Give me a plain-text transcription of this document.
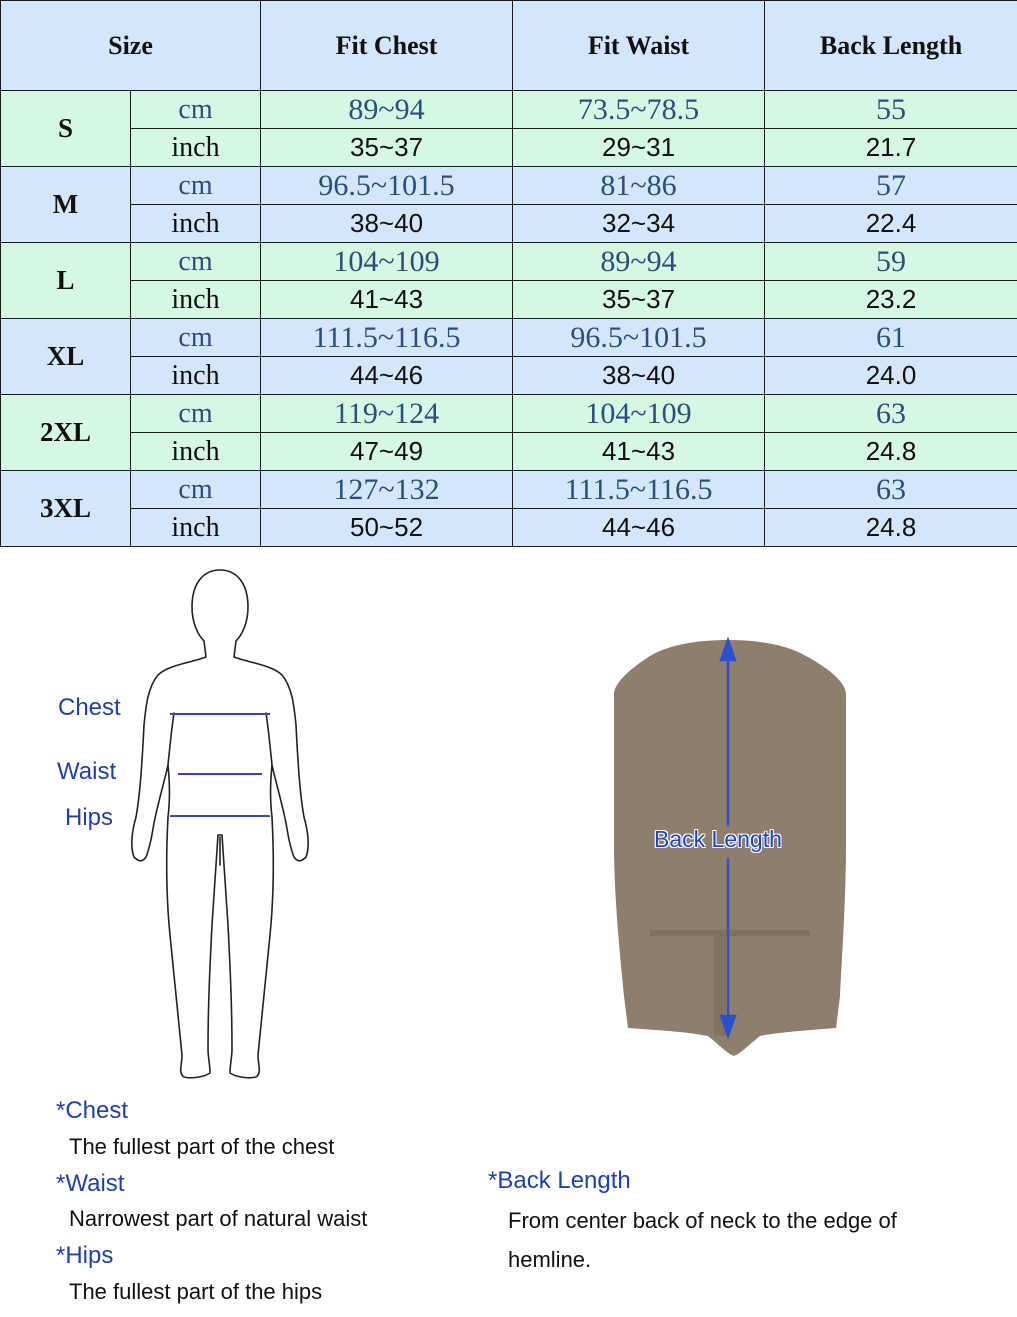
Size		Fit Chest	Fit Waist	Back Length
S	cm	89~94	73.5~78.5	55
	inch	35~37	29~31	21.7
M	cm	96.5~101.5	81~86	57
	inch	38~40	32~34	22.4
L	cm	104~109	89~94	59
	inch	41~43	35~37	23.2
XL	cm	111.5~116.5	96.5~101.5	61
	inch	44~46	38~40	24.0
2XL	cm	119~124	104~109	63
	inch	47~49	41~43	24.8
3XL	cm	127~132	111.5~116.5	63
	inch	50~52	44~46	24.8
Chest
Waist
Hips
Back Length
*Chest
The fullest part of the chest
*Waist
Narrowest part of natural waist
*Hips
The fullest part of the hips
*Back Length
From center back of neck to the edge of
hemline.
